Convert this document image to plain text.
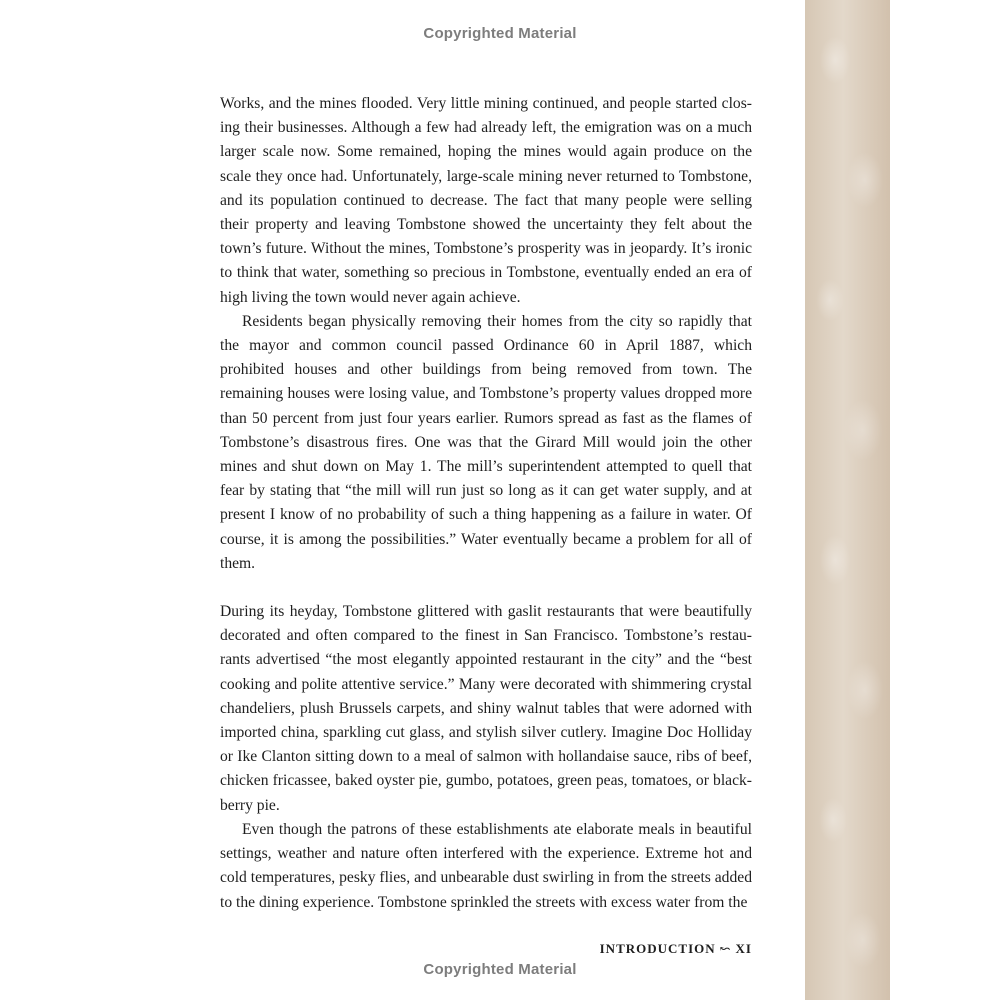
Copyrighted Material

Works, and the mines flooded. Very little mining continued, and people started closing their businesses. Although a few had already left, the emigration was on a much larger scale now. Some remained, hoping the mines would again produce on the scale they once had. Unfortunately, large-scale mining never returned to Tombstone, and its population continued to decrease. The fact that many people were selling their property and leaving Tombstone showed the uncertainty they felt about the town’s future. Without the mines, Tombstone’s prosperity was in jeopardy. It’s ironic to think that water, something so precious in Tombstone, eventually ended an era of high living the town would never again achieve.

Residents began physically removing their homes from the city so rapidly that the mayor and common council passed Ordinance 60 in April 1887, which prohibited houses and other buildings from being removed from town. The remaining houses were losing value, and Tombstone’s property values dropped more than 50 percent from just four years earlier. Rumors spread as fast as the flames of Tombstone’s disastrous fires. One was that the Girard Mill would join the other mines and shut down on May 1. The mill’s superintendent attempted to quell that fear by stating that “the mill will run just so long as it can get water supply, and at present I know of no probability of such a thing happening as a failure in water. Of course, it is among the possibilities.” Water eventually became a problem for all of them.

During its heyday, Tombstone glittered with gaslit restaurants that were beautifully decorated and often compared to the finest in San Francisco. Tombstone’s restaurants advertised “the most elegantly appointed restaurant in the city” and the “best cooking and polite attentive service.” Many were decorated with shimmering crystal chandeliers, plush Brussels carpets, and shiny walnut tables that were adorned with imported china, sparkling cut glass, and stylish silver cutlery. Imagine Doc Holliday or Ike Clanton sitting down to a meal of salmon with hollandaise sauce, ribs of beef, chicken fricassee, baked oyster pie, gumbo, potatoes, green peas, tomatoes, or blackberry pie.

Even though the patrons of these establishments ate elaborate meals in beautiful settings, weather and nature often interfered with the experience. Extreme hot and cold temperatures, pesky flies, and unbearable dust swirling in from the streets added to the dining experience. Tombstone sprinkled the streets with excess water from the

INTRODUCTION ↜ XI
Copyrighted Material
